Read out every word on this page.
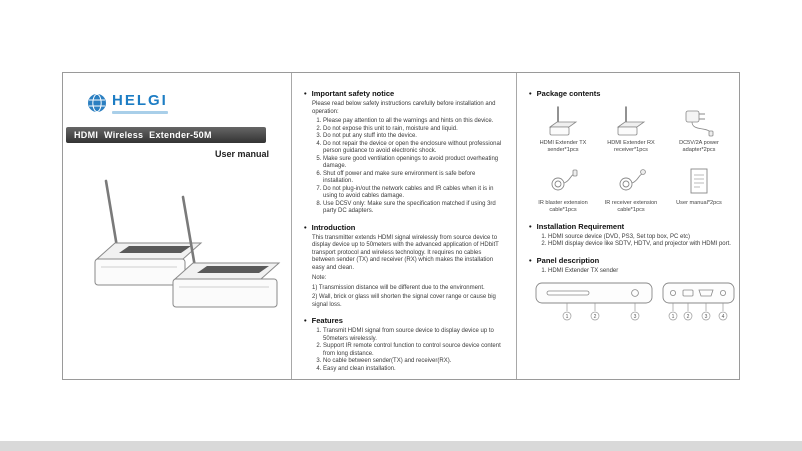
HELGI
HDMI Wireless Extender-50M
User manual
• Important safety notice

Please read below safety instructions carefully before installation and operation:

1. Please pay attention to all the warnings and hints on this device.
2. Do not expose this unit to rain, moisture and liquid.
3. Do not put any stuff into the device.
4. Do not repair the device or open the enclosure without professional person guidance to avoid electronic shock.
5. Make sure good ventilation openings to avoid product overheating damage.
6. Shut off power and make sure environment is safe before installation.
7. Do not plug-in/out the network cables and IR cables when it is in using to avoid cables damage.
8. Use DC5V only: Make sure the specification matched if using 3rd party DC adapters.
• Introduction

This transmitter extends HDMI signal wirelessly from source device to display device up to 50meters with the advanced application of HDbitT transport protocol and wireless technology. It requires no cables between sender (TX) and receiver (RX) which makes the installation easy and clean.

Note:

1) Transmission distance will be different due to the environment.

2) Wall, brick or glass will shorten the signal cover range or cause big signal loss.

• Features
1. Transmit HDMI signal from source device to display device up to 50meters wirelessly.
2. Support IR remote control function to control source device content from long distance.
3. No cable between sender(TX) and receiver(RX).
4. Easy and clean installation.
• Package contents
HDMI Extender TX sender*1pcs
HDMI Extender RX receiver*1pcs
DC5V/2A power adapter*2pcs
IR blaster extension cable*1pcs
IR receiver extension cable*1pcs
User manual*2pcs
• Installation Requirement
1. HDMI source device (DVD, PS3, Set top box, PC etc)
2. HDMI display device like SDTV, HDTV, and projector with HDMI port.
• Panel description
1. HDMI Extender TX sender
1	2	3	1 2	3	4
